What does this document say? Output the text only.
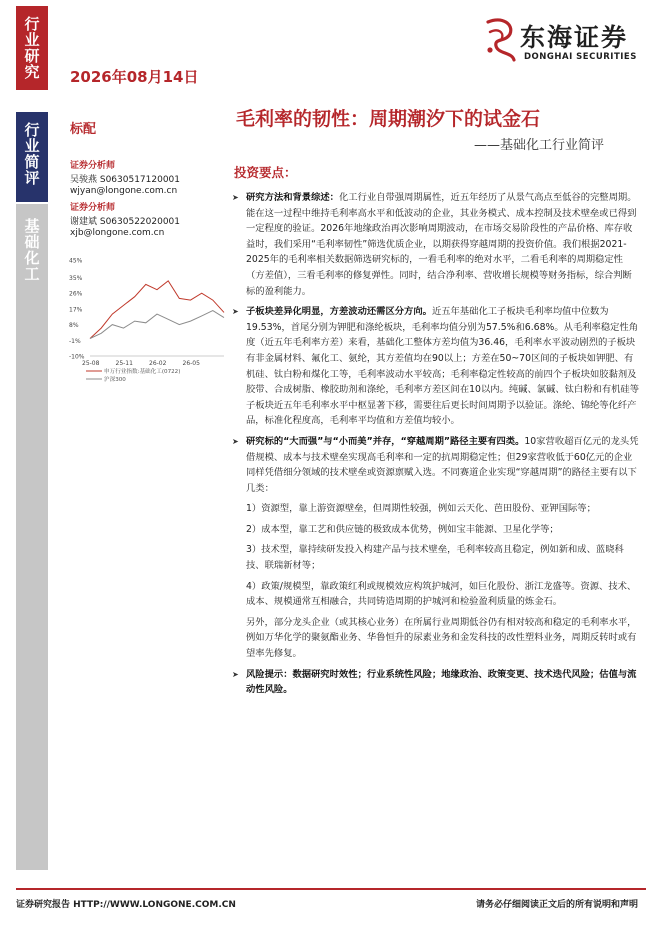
行业研究
行业简评
基础化工
2026年08月14日
东海证券
DONGHAI SECURITIES
毛利率的韧性：周期潮汐下的试金石
——基础化工行业简评
标配
证券分析师
吴骏燕 S0630517120001
wjyan@longone.com.cn
证券分析师
谢建斌 S0630522020001
xjb@longone.com.cn
45%
35%
26%
17%
8%
-1%
-10%
25-08	25-11	26-02	26-05
申万行业指数:基础化工(0722)
沪深300
投资要点：
➤ 研究方法和背景综述：化工行业自带强周期属性，近五年经历了从景气高点至低谷的完整周期。能在这一过程中维持毛利率高水平和低波动的企业，其业务模式、成本控制及技术壁垒或已得到一定程度的验证。2026年地缘政治再次影响周期波动，在市场交易阶段性的产品价格、库存收益时，我们采用“毛利率韧性”筛选优质企业，以期获得穿越周期的投资价值。我们根据2021-2025年的毛利率相关数据筛选研究标的，一看毛利率的绝对水平，二看毛利率的周期稳定性（方差值），三看毛利率的修复弹性。同时，结合净利率、营收增长规模等财务指标，综合判断标的盈利能力。
➤ 子板块差异化明显，方差波动还需区分方向。近五年基础化工子板块毛利率均值中位数为19.53%，首尾分别为钾肥和涤纶板块，毛利率均值分别为57.5%和6.68%。从毛利率稳定性角度（近五年毛利率方差）来看，基础化工整体方差均值为36.46，毛利率水平波动剧烈的子板块有非金属材料、氟化工、氨纶，其方差值均在90以上；方差在50~70区间的子板块如钾肥、有机硅、钛白粉和煤化工等，毛利率波动水平较高；毛利率稳定性较高的前四个子板块如胶黏剂及胶带、合成树脂、橡胶助剂和涤纶，毛利率方差区间在10以内。纯碱、氯碱、钛白粉和有机硅等子板块近五年毛利率水平中枢显著下移，需要往后更长时间周期予以验证。涤纶、锦纶等化纤产品，标准化程度高，毛利率平均值和方差值均较小。
➤ 研究标的“大而强”与“小而美”并存，“穿越周期”路径主要有四类。10家营收超百亿元的龙头凭借规模、成本与技术壁垒实现高毛利率和一定的抗周期稳定性；但29家营收低于60亿元的企业同样凭借细分领域的技术壁垒或资源禀赋入选。不同赛道企业实现“穿越周期”的路径主要有以下几类：
1）资源型，靠上游资源壁垒，但周期性较强，例如云天化、芭田股份、亚钾国际等；
2）成本型，靠工艺和供应链的极致成本优势，例如宝丰能源、卫星化学等；
3）技术型，靠持续研发投入构建产品与技术壁垒，毛利率较高且稳定，例如新和成、蓝晓科技、联瑞新材等；
4）政策/规模型，靠政策红利或规模效应构筑护城河，如巨化股份、浙江龙盛等。资源、技术、成本、规模通常互相融合，共同铸造周期的护城河和检验盈利质量的炼金石。
另外，部分龙头企业（或其核心业务）在所属行业周期低谷仍有相对较高和稳定的毛利率水平，例如万华化学的聚氨酯业务、华鲁恒升的尿素业务和金发科技的改性塑料业务，周期反转时或有望率先修复。
➤ 风险提示：数据研究时效性；行业系统性风险；地缘政治、政策变更、技术迭代风险；估值与流动性风险。
证券研究报告 HTTP://WWW.LONGONE.COM.CN	请务必仔细阅读正文后的所有说明和声明
